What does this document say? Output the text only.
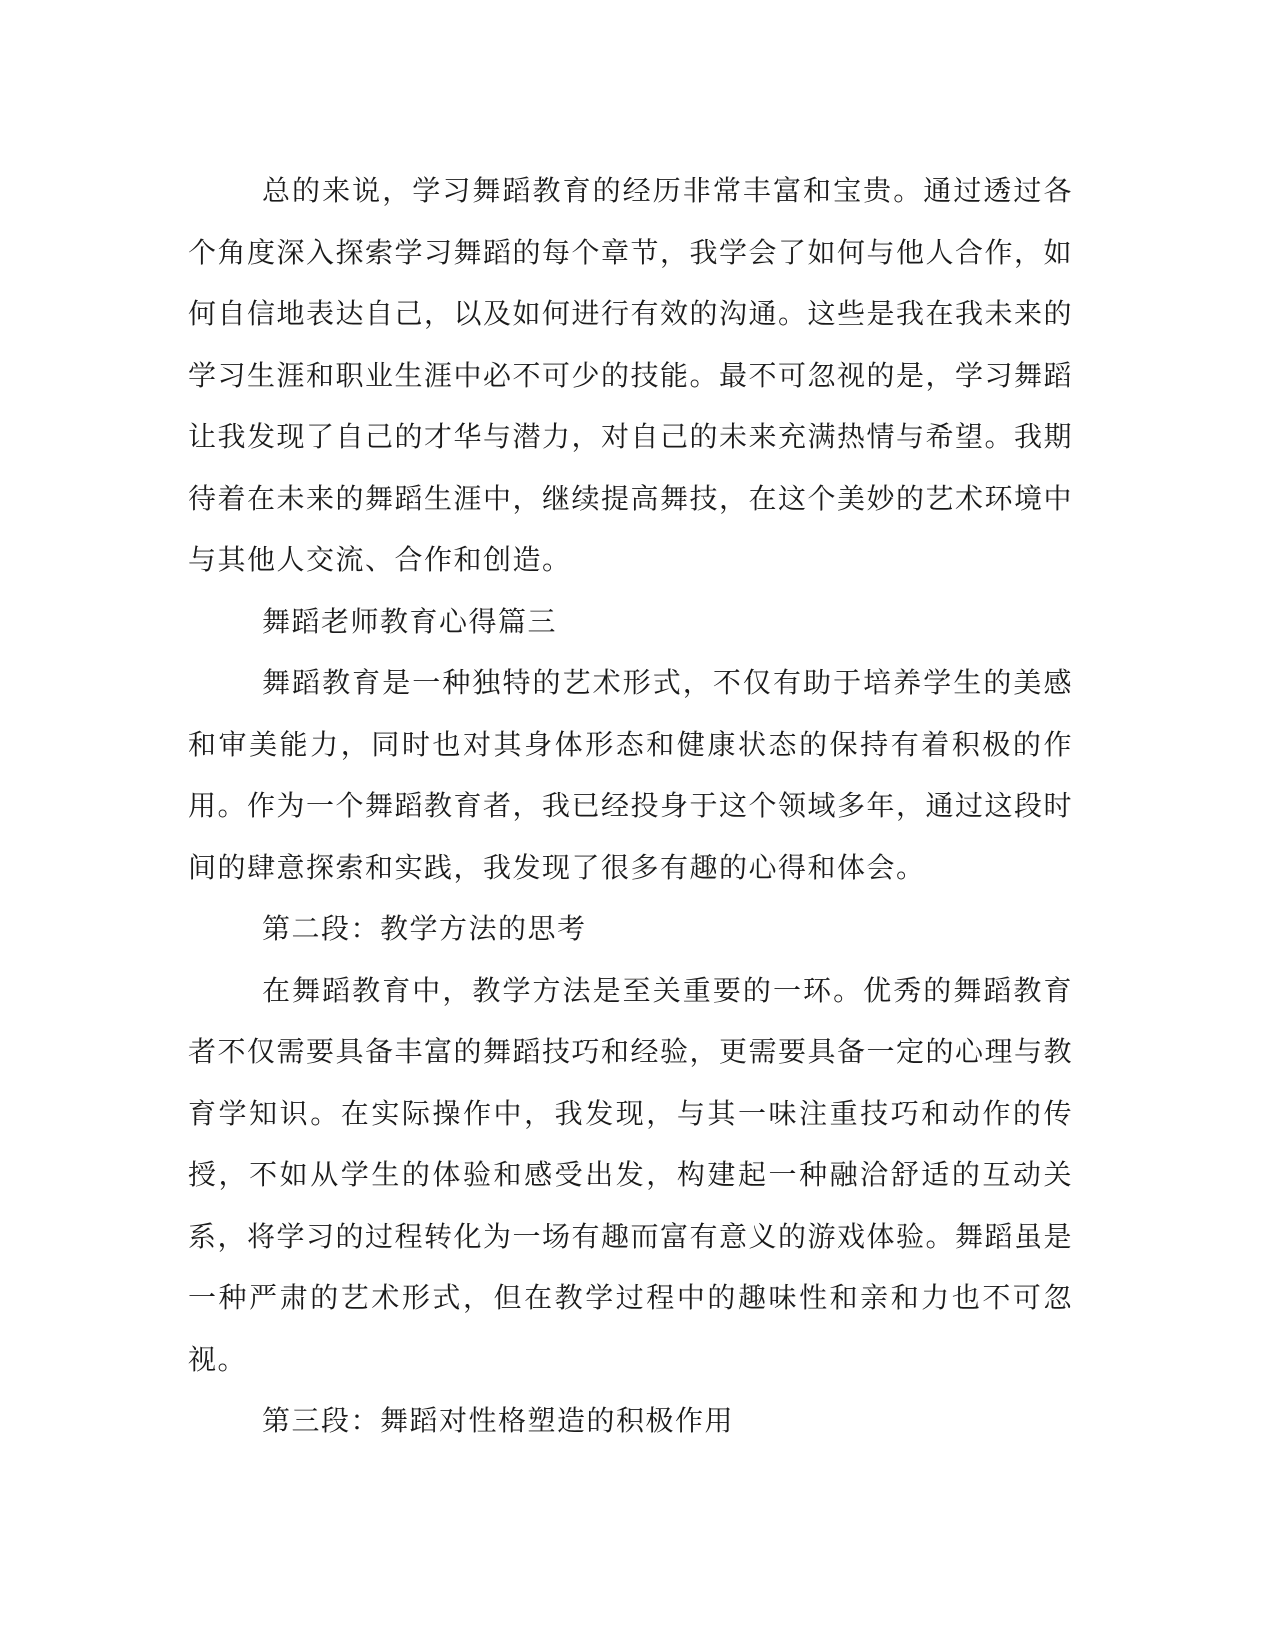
总的来说，学习舞蹈教育的经历非常丰富和宝贵。通过透过各个角度深入探索学习舞蹈的每个章节，我学会了如何与他人合作，如何自信地表达自己，以及如何进行有效的沟通。这些是我在我未来的学习生涯和职业生涯中必不可少的技能。最不可忽视的是，学习舞蹈让我发现了自己的才华与潜力，对自己的未来充满热情与希望。我期待着在未来的舞蹈生涯中，继续提高舞技，在这个美妙的艺术环境中与其他人交流、合作和创造。

舞蹈老师教育心得篇三

舞蹈教育是一种独特的艺术形式，不仅有助于培养学生的美感和审美能力，同时也对其身体形态和健康状态的保持有着积极的作用。作为一个舞蹈教育者，我已经投身于这个领域多年，通过这段时间的肆意探索和实践，我发现了很多有趣的心得和体会。

第二段：教学方法的思考

在舞蹈教育中，教学方法是至关重要的一环。优秀的舞蹈教育者不仅需要具备丰富的舞蹈技巧和经验，更需要具备一定的心理与教育学知识。在实际操作中，我发现，与其一味注重技巧和动作的传授，不如从学生的体验和感受出发，构建起一种融洽舒适的互动关系，将学习的过程转化为一场有趣而富有意义的游戏体验。舞蹈虽是一种严肃的艺术形式，但在教学过程中的趣味性和亲和力也不可忽视。

第三段：舞蹈对性格塑造的积极作用
